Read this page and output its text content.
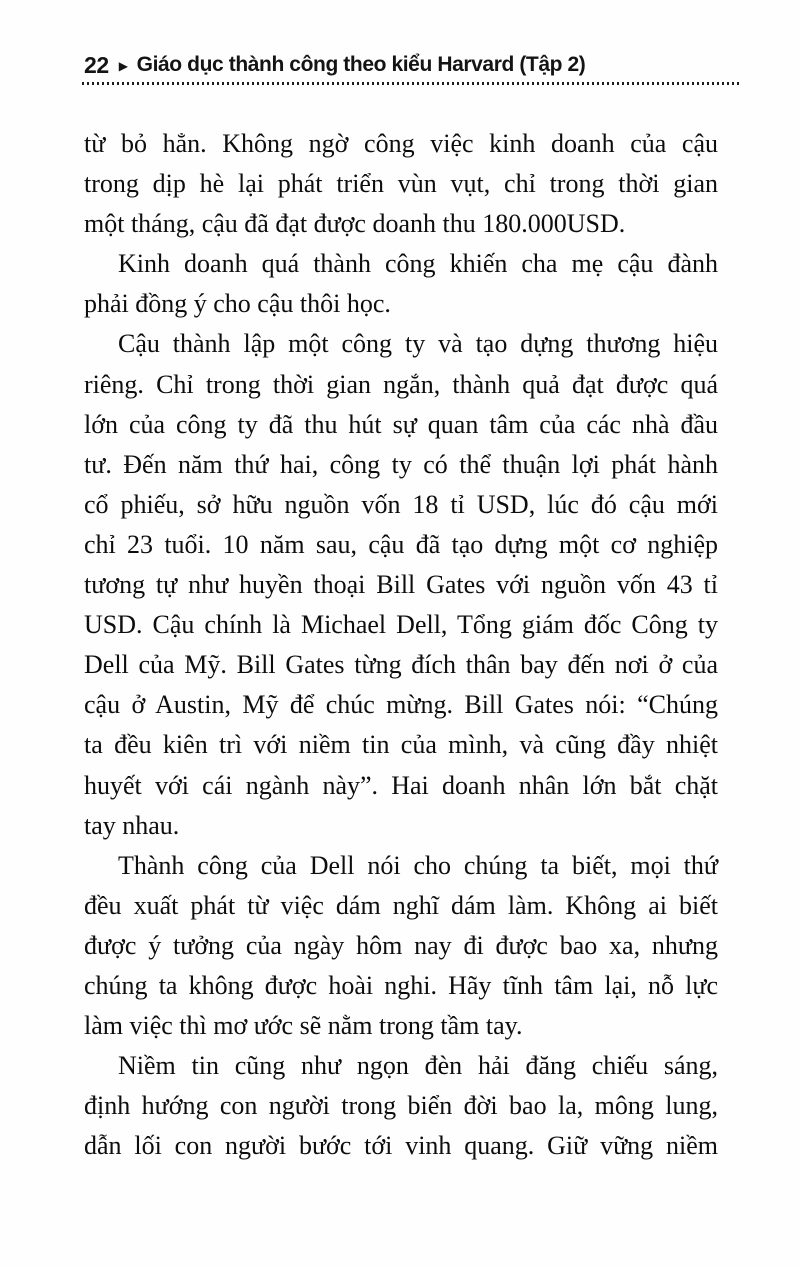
22 ▶ Giáo dục thành công theo kiểu Harvard (Tập 2)
từ bỏ hẳn. Không ngờ công việc kinh doanh của cậu
trong dịp hè lại phát triển vùn vụt, chỉ trong thời gian
một tháng, cậu đã đạt được doanh thu 180.000USD.
Kinh doanh quá thành công khiến cha mẹ cậu đành
phải đồng ý cho cậu thôi học.
Cậu thành lập một công ty và tạo dựng thương hiệu
riêng. Chỉ trong thời gian ngắn, thành quả đạt được quá
lớn của công ty đã thu hút sự quan tâm của các nhà đầu
tư. Đến năm thứ hai, công ty có thể thuận lợi phát hành
cổ phiếu, sở hữu nguồn vốn 18 tỉ USD, lúc đó cậu mới
chỉ 23 tuổi. 10 năm sau, cậu đã tạo dựng một cơ nghiệp
tương tự như huyền thoại Bill Gates với nguồn vốn 43 tỉ
USD. Cậu chính là Michael Dell, Tổng giám đốc Công ty
Dell của Mỹ. Bill Gates từng đích thân bay đến nơi ở của
cậu ở Austin, Mỹ để chúc mừng. Bill Gates nói: “Chúng
ta đều kiên trì với niềm tin của mình, và cũng đầy nhiệt
huyết với cái ngành này”. Hai doanh nhân lớn bắt chặt
tay nhau.
Thành công của Dell nói cho chúng ta biết, mọi thứ
đều xuất phát từ việc dám nghĩ dám làm. Không ai biết
được ý tưởng của ngày hôm nay đi được bao xa, nhưng
chúng ta không được hoài nghi. Hãy tĩnh tâm lại, nỗ lực
làm việc thì mơ ước sẽ nằm trong tầm tay.
Niềm tin cũng như ngọn đèn hải đăng chiếu sáng,
định hướng con người trong biển đời bao la, mông lung,
dẫn lối con người bước tới vinh quang. Giữ vững niềm
